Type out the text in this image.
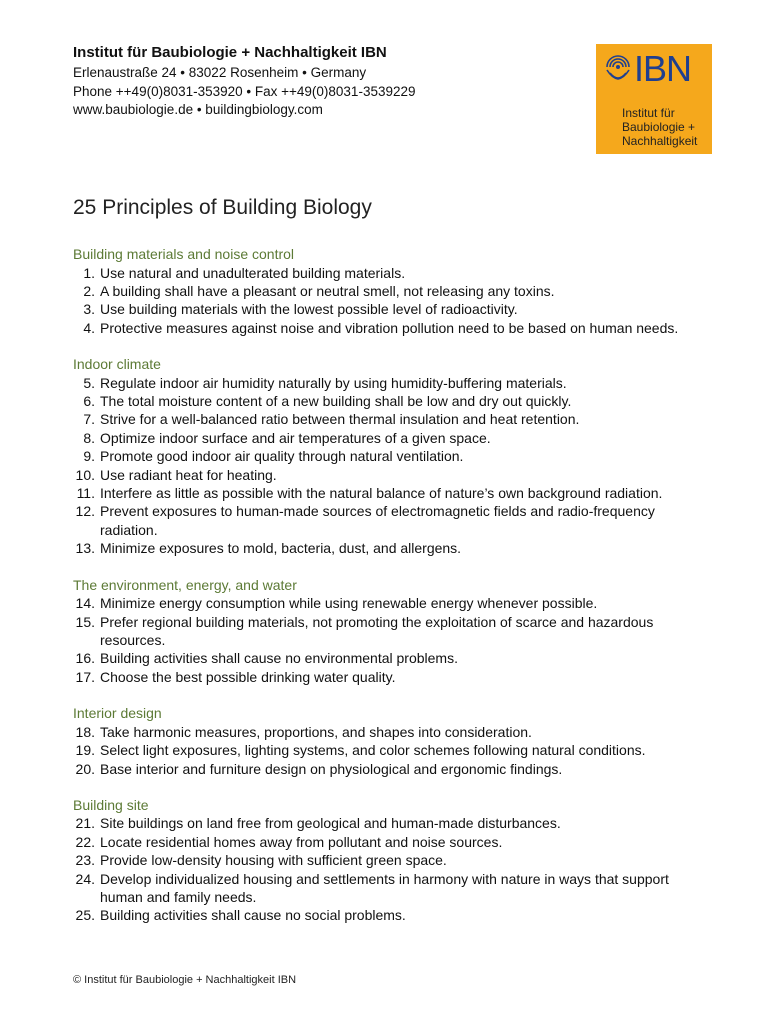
Institut für Baubiologie + Nachhaltigkeit IBN
Erlenaustraße 24 • 83022 Rosenheim • Germany
Phone ++49(0)8031-353920 • Fax ++49(0)8031-3539229
www.baubiologie.de • buildingbiology.com
IBN
Institut für
Baubiologie +
Nachhaltigkeit
25 Principles of Building Biology
Building materials and noise control
1. Use natural and unadulterated building materials.
2. A building shall have a pleasant or neutral smell, not releasing any toxins.
3. Use building materials with the lowest possible level of radioactivity.
4. Protective measures against noise and vibration pollution need to be based on human needs.
Indoor climate
5. Regulate indoor air humidity naturally by using humidity-buffering materials.
6. The total moisture content of a new building shall be low and dry out quickly.
7. Strive for a well-balanced ratio between thermal insulation and heat retention.
8. Optimize indoor surface and air temperatures of a given space.
9. Promote good indoor air quality through natural ventilation.
10. Use radiant heat for heating.
11. Interfere as little as possible with the natural balance of nature’s own background radiation.
12. Prevent exposures to human-made sources of electromagnetic fields and radio-frequency radiation.
13. Minimize exposures to mold, bacteria, dust, and allergens.
The environment, energy, and water
14. Minimize energy consumption while using renewable energy whenever possible.
15. Prefer regional building materials, not promoting the exploitation of scarce and hazardous resources.
16. Building activities shall cause no environmental problems.
17. Choose the best possible drinking water quality.
Interior design
18. Take harmonic measures, proportions, and shapes into consideration.
19. Select light exposures, lighting systems, and color schemes following natural conditions.
20. Base interior and furniture design on physiological and ergonomic findings.
Building site
21. Site buildings on land free from geological and human-made disturbances.
22. Locate residential homes away from pollutant and noise sources.
23. Provide low-density housing with sufficient green space.
24. Develop individualized housing and settlements in harmony with nature in ways that support human and family needs.
25. Building activities shall cause no social problems.
© Institut für Baubiologie + Nachhaltigkeit IBN
